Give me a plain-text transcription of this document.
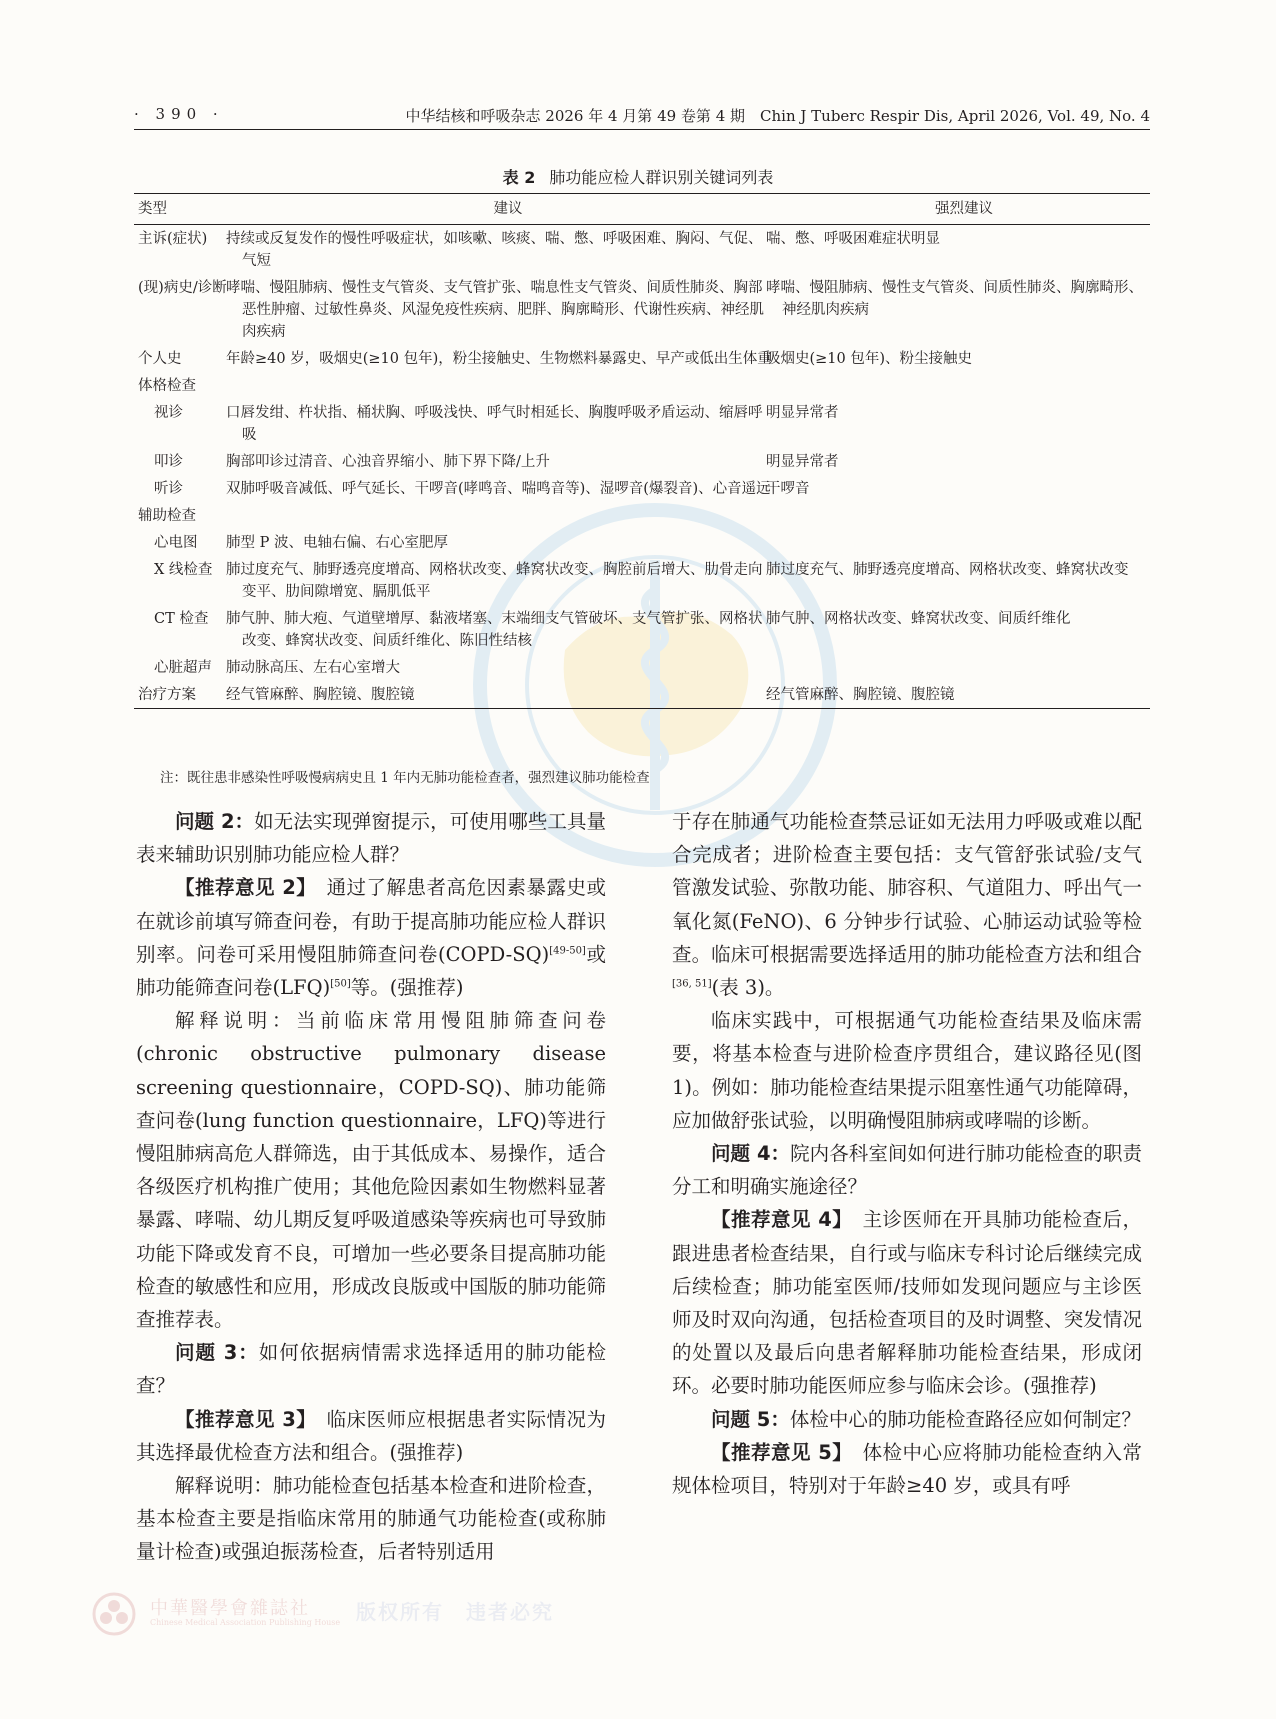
· 390 ·	中华结核和呼吸杂志 2026 年 4 月第 49 卷第 4 期　Chin J Tuberc Respir Dis, April 2026, Vol. 49, No. 4
表 2 肺功能应检人群识别关键词列表
类型	建议	强烈建议
主诉(症状)	持续或反复发作的慢性呼吸症状，如咳嗽、咳痰、喘、憋、呼吸困难、胸闷、气促、气短	喘、憋、呼吸困难症状明显
(现)病史/诊断	哮喘、慢阻肺病、慢性支气管炎、支气管扩张、喘息性支气管炎、间质性肺炎、胸部恶性肿瘤、过敏性鼻炎、风湿免疫性疾病、肥胖、胸廓畸形、代谢性疾病、神经肌肉疾病	哮喘、慢阻肺病、慢性支气管炎、间质性肺炎、胸廓畸形、神经肌肉疾病
个人史	年龄≥40 岁，吸烟史(≥10 包年)，粉尘接触史、生物燃料暴露史、早产或低出生体重	吸烟史(≥10 包年)、粉尘接触史
体格检查		
视诊	口唇发绀、杵状指、桶状胸、呼吸浅快、呼气时相延长、胸腹呼吸矛盾运动、缩唇呼吸	明显异常者
叩诊	胸部叩诊过清音、心浊音界缩小、肺下界下降/上升	明显异常者
听诊	双肺呼吸音减低、呼气延长、干啰音(哮鸣音、喘鸣音等)、湿啰音(爆裂音)、心音遥远	干啰音
辅助检查		
心电图	肺型 P 波、电轴右偏、右心室肥厚	
X 线检查	肺过度充气、肺野透亮度增高、网格状改变、蜂窝状改变、胸腔前后增大、肋骨走向变平、肋间隙增宽、膈肌低平	肺过度充气、肺野透亮度增高、网格状改变、蜂窝状改变
CT 检查	肺气肿、肺大疱、气道壁增厚、黏液堵塞、末端细支气管破坏、支气管扩张、网格状改变、蜂窝状改变、间质纤维化、陈旧性结核	肺气肿、网格状改变、蜂窝状改变、间质纤维化
心脏超声	肺动脉高压、左右心室增大	
治疗方案	经气管麻醉、胸腔镜、腹腔镜	经气管麻醉、胸腔镜、腹腔镜
注：既往患非感染性呼吸慢病病史且 1 年内无肺功能检查者，强烈建议肺功能检查

问题 2：如无法实现弹窗提示，可使用哪些工具量表来辅助识别肺功能应检人群？

【推荐意见 2】　 通过了解患者高危因素暴露史或在就诊前填写筛查问卷，有助于提高肺功能应检人群识别率。问卷可采用慢阻肺筛查问卷(COPD-SQ)[49-50]或肺功能筛查问卷(LFQ)[50]等。(强推荐)

解释说明：当前临床常用慢阻肺筛查问卷(chronic obstructive pulmonary disease screening questionnaire，COPD-SQ)、肺功能筛查问卷(lung function questionnaire，LFQ)等进行慢阻肺病高危人群筛选，由于其低成本、易操作，适合各级医疗机构推广使用；其他危险因素如生物燃料显著暴露、哮喘、幼儿期反复呼吸道感染等疾病也可导致肺功能下降或发育不良，可增加一些必要条目提高肺功能检查的敏感性和应用，形成改良版或中国版的肺功能筛查推荐表。

问题 3：如何依据病情需求选择适用的肺功能检查？

【推荐意见 3】　 临床医师应根据患者实际情况为其选择最优检查方法和组合。(强推荐)

解释说明：肺功能检查包括基本检查和进阶检查，基本检查主要是指临床常用的肺通气功能检查(或称肺量计检查)或强迫振荡检查，后者特别适用

于存在肺通气功能检查禁忌证如无法用力呼吸或难以配合完成者；进阶检查主要包括：支气管舒张试验/支气管激发试验、弥散功能、肺容积、气道阻力、呼出气一氧化氮(FeNO)、6 分钟步行试验、心肺运动试验等检查。临床可根据需要选择适用的肺功能检查方法和组合[36, 51](表 3)。

临床实践中，可根据通气功能检查结果及临床需要，将基本检查与进阶检查序贯组合，建议路径见(图 1)。例如：肺功能检查结果提示阻塞性通气功能障碍，应加做舒张试验，以明确慢阻肺病或哮喘的诊断。

问题 4：院内各科室间如何进行肺功能检查的职责分工和明确实施途径？

【推荐意见 4】　 主诊医师在开具肺功能检查后，跟进患者检查结果，自行或与临床专科讨论后继续完成后续检查；肺功能室医师/技师如发现问题应与主诊医师及时双向沟通，包括检查项目的及时调整、突发情况的处置以及最后向患者解释肺功能检查结果，形成闭环。必要时肺功能医师应参与临床会诊。(强推荐)

问题 5：体检中心的肺功能检查路径应如何制定？

【推荐意见 5】　 体检中心应将肺功能检查纳入常规体检项目，特别对于年龄≥40 岁，或具有呼

中華醫學會雜誌社
Chinese Medical Association Publishing House 版权所有　违者必究
